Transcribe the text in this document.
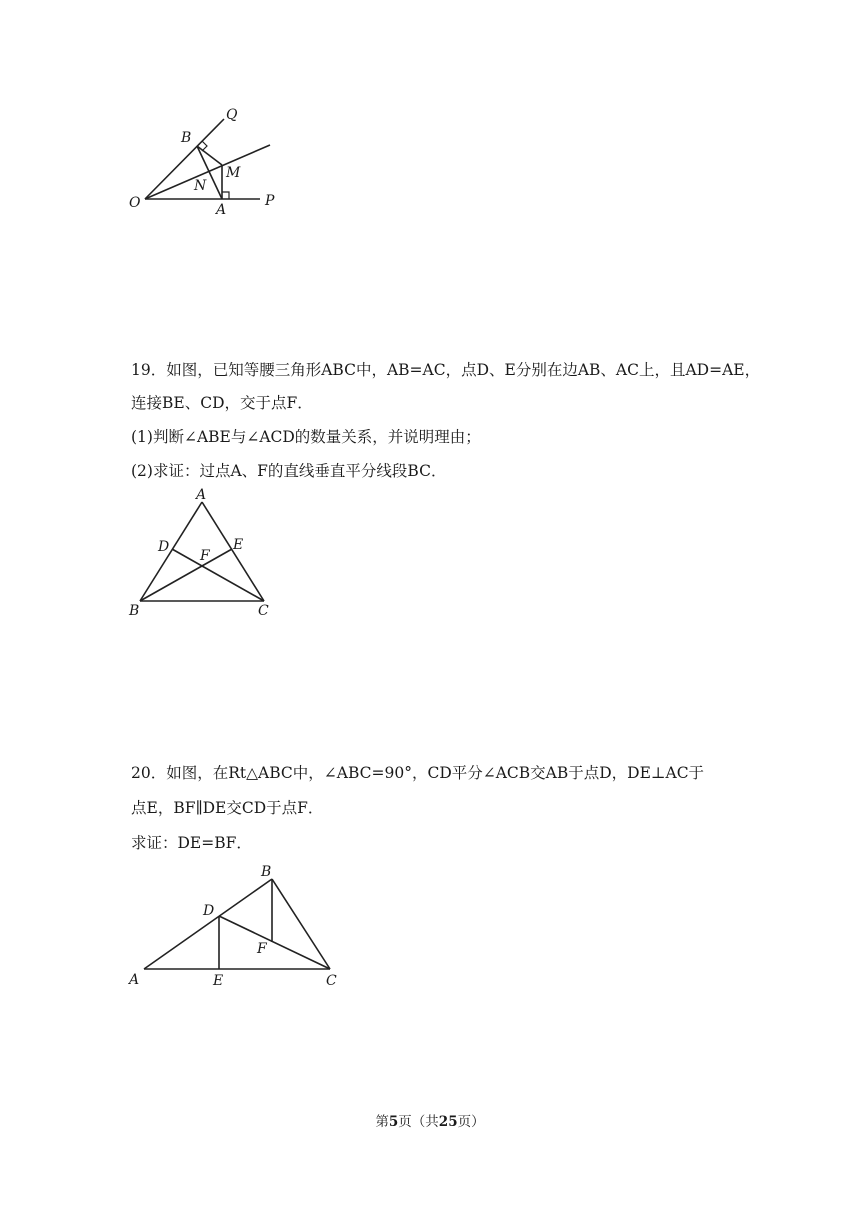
Q
B
M
N
O	A
P
19．如图，已知等腰三角形ABC中，AB=AC，点D、E分别在边AB、AC上，且AD=AE，
连接BE、CD，交于点F．
(1)判断∠ABE与∠ACD的数量关系，并说明理由；
(2)求证：过点A、F的直线垂直平分线段BC．
A
D	E
F
B	C
20．如图，在Rt△ABC中，∠ABC=90°，CD平分∠ACB交AB于点D，DE⊥AC于
点E，BF∥DE交CD于点F．
求证：DE=BF．
B
D
F
A	E	C
第5页（共25页）
